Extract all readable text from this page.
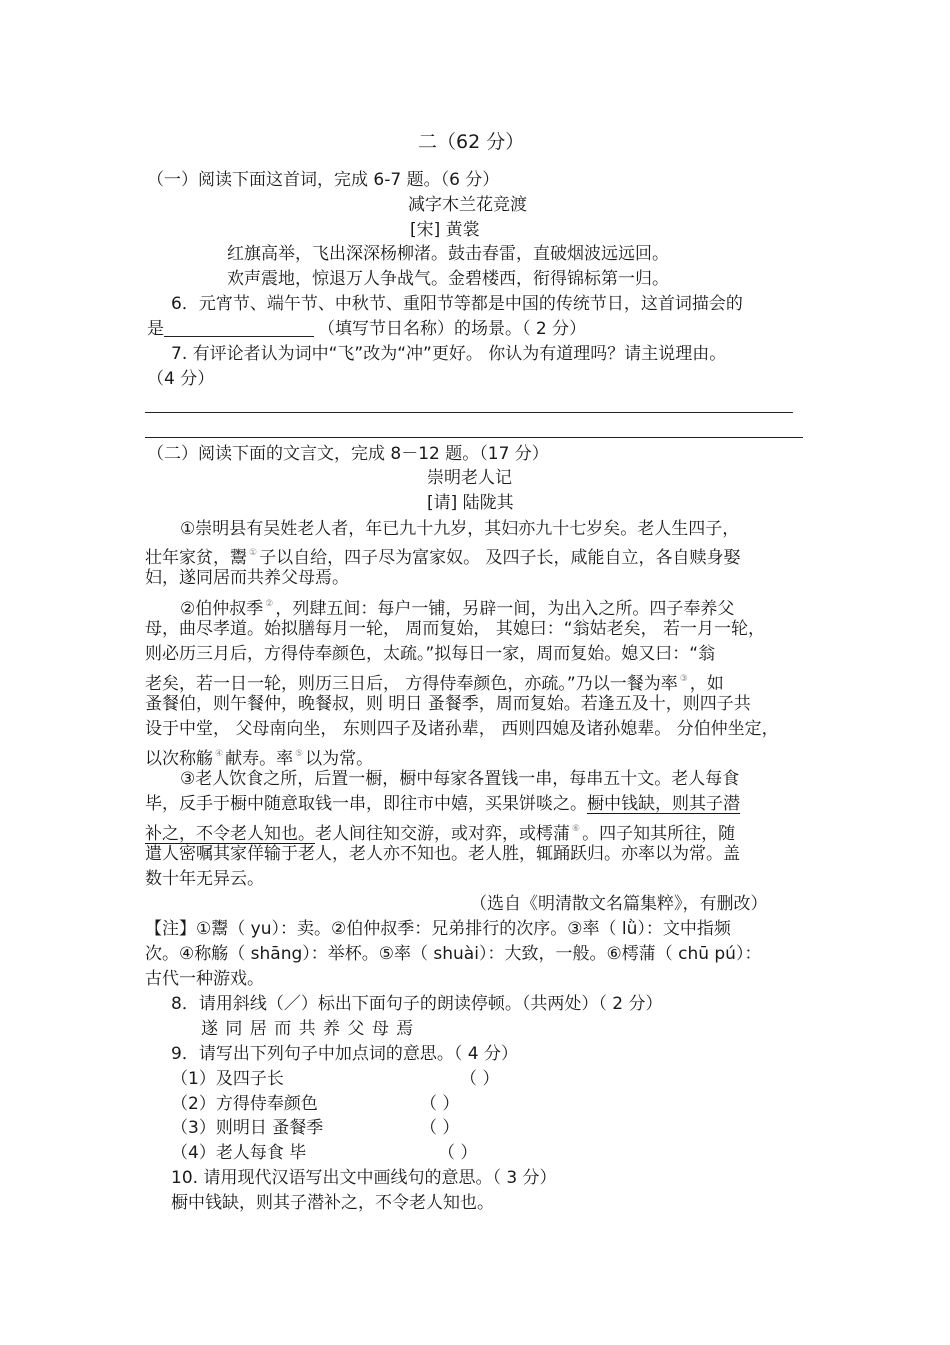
二（62 分）
（一）阅读下面这首词，完成 6-7 题。（6 分）
减字木兰花竞渡
[宋] 黄裳
红旗高举，飞出深深杨柳渚。鼓击春雷，直破烟波远远回。
欢声震地，惊退万人争战气。金碧楼西，衔得锦标第一归。
6．元宵节、端午节、中秋节、重阳节等都是中国的传统节日，这首词描会的
是	（填写节日名称）的场景。（ 2 分）
7. 有评论者认为词中“飞”改为“冲”更好。 你认为有道理吗？请主说理由。
（4 分）
（二）阅读下面的文言文，完成 8－12 题。（17 分）
崇明老人记
[请] 陆陇其
①崇明县有吴姓老人者，年已九十九岁，其妇亦九十七岁矣。老人生四子，
壮年家贫，鬻 ① 子以自给，四子尽为富家奴。 及四子长，咸能自立，各自赎身娶
妇，遂同居而共养父母焉。
②伯仲叔季 ② ，列肆五间：每户一铺，另辟一间，为出入之所。四子奉养父
母，曲尽孝道。始拟膳每月一轮， 周而复始， 其媳曰：“翁姑老矣， 若一月一轮，
则必历三月后，方得侍奉颜色，太疏。”拟每日一家，周而复始。媳又曰：“翁
老矣，若一日一轮，则历三日后， 方得侍奉颜色，亦疏。”乃以一餐为率 ③ ，如
蚤餐伯，则午餐仲，晚餐叔，则 明日 蚤餐季，周而复始。若逢五及十，则四子共
设于中堂， 父母南向坐， 东则四子及诸孙辈， 西则四媳及诸孙媳辈。 分伯仲坐定，
以次称觞 ④ 献寿。率 ⑤ 以为常。
③老人饮食之所，后置一橱，橱中每家各置钱一串，每串五十文。老人每食
毕，反手于橱中随意取钱一串，即往市中嬉，买果饼啖之。橱中钱缺，则其子潜
补之，不令老人知也。老人间往知交游，或对弈，或樗蒲 ⑥ 。四子知其所往，随
遣人密嘱其家佯输于老人，老人亦不知也。老人胜，辄踊跃归。亦率以为常。盖
数十年无异云。
（选自《明清散文名篇集粹》，有删改）
【注】①鬻（ yu）：卖。②伯仲叔季：兄弟排行的次序。③率（ lǜ）：文中指频
次。④称觞（ shāng）：举杯。⑤率（ shuài）：大致，一般。⑥樗蒲（ chū pú）：
古代一种游戏。
8．请用斜线（／）标出下面句子的朗读停顿。（共两处）（ 2 分）
遂 同 居 而 共 养 父 母 焉
9．请写出下列句子中加点词的意思。（ 4 分）
（1）及四子长	（ ）
（2）方得侍奉颜色	（ ）
（3）则明日 蚤餐季	（ ）
（4）老人每食 毕	（ ）
10. 请用现代汉语写出文中画线句的意思。（ 3 分）
橱中钱缺，则其子潜补之，不令老人知也。
